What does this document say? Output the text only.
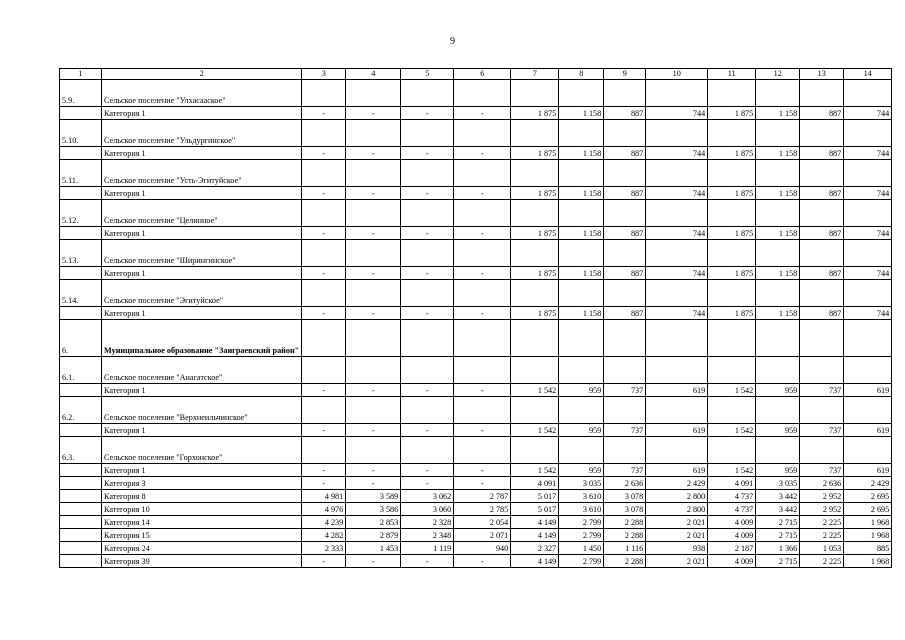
9
1	2	3	4	5	6	7	8	9	10	11	12	13	14
5.9.	Сельское поселение "Улхасааское"												
	Категория 1	-	-	-	-	1 875	1 158	887	744	1 875	1 158	887	744
5.10.	Сельское поселение "Ульдургинское"												
	Категория 1	-	-	-	-	1 875	1 158	887	744	1 875	1 158	887	744
5.11.	Сельское поселение "Усть-Эгитуйское"												
	Категория 1	-	-	-	-	1 875	1 158	887	744	1 875	1 158	887	744
5.12.	Сельское поселение "Целинное"												
	Категория 1	-	-	-	-	1 875	1 158	887	744	1 875	1 158	887	744
5.13.	Сельское поселение "Ширингинское"												
	Категория 1	-	-	-	-	1 875	1 158	887	744	1 875	1 158	887	744
5.14.	Сельское поселение "Эгитуйское"												
	Категория 1	-	-	-	-	1 875	1 158	887	744	1 875	1 158	887	744
6.	Муниципальное образование "Заиграевский район"												
6.1.	Сельское поселение "Анагатское"												
	Категория 1	-	-	-	-	1 542	959	737	619	1 542	959	737	619
6.2.	Сельское поселение "Верхнеильчинское"												
	Категория 1	-	-	-	-	1 542	959	737	619	1 542	959	737	619
6.3.	Сельское поселение "Горхонское"												
	Категория 1	-	-	-	-	1 542	959	737	619	1 542	959	737	619
	Категория 3	-	-	-	-	4 091	3 035	2 636	2 429	4 091	3 035	2 636	2 429
	Категория 8	4 981	3 589	3 062	2 787	5 017	3 610	3 078	2 800	4 737	3 442	2 952	2 695
	Категория 10	4 976	3 586	3 060	2 785	5 017	3 610	3 078	2 800	4 737	3 442	2 952	2 695
	Категория 14	4 239	2 853	2 328	2 054	4 149	2 799	2 288	2 021	4 009	2 715	2 225	1 968
	Категория 15	4 282	2 879	2 348	2 071	4 149	2 799	2 288	2 021	4 009	2 715	2 225	1 968
	Категория 24	2 333	1 453	1 119	940	2 327	1 450	1 116	938	2 187	1 366	1 053	885
	Категория 39	-	-	-	-	4 149	2 799	2 288	2 021	4 009	2 715	2 225	1 968
